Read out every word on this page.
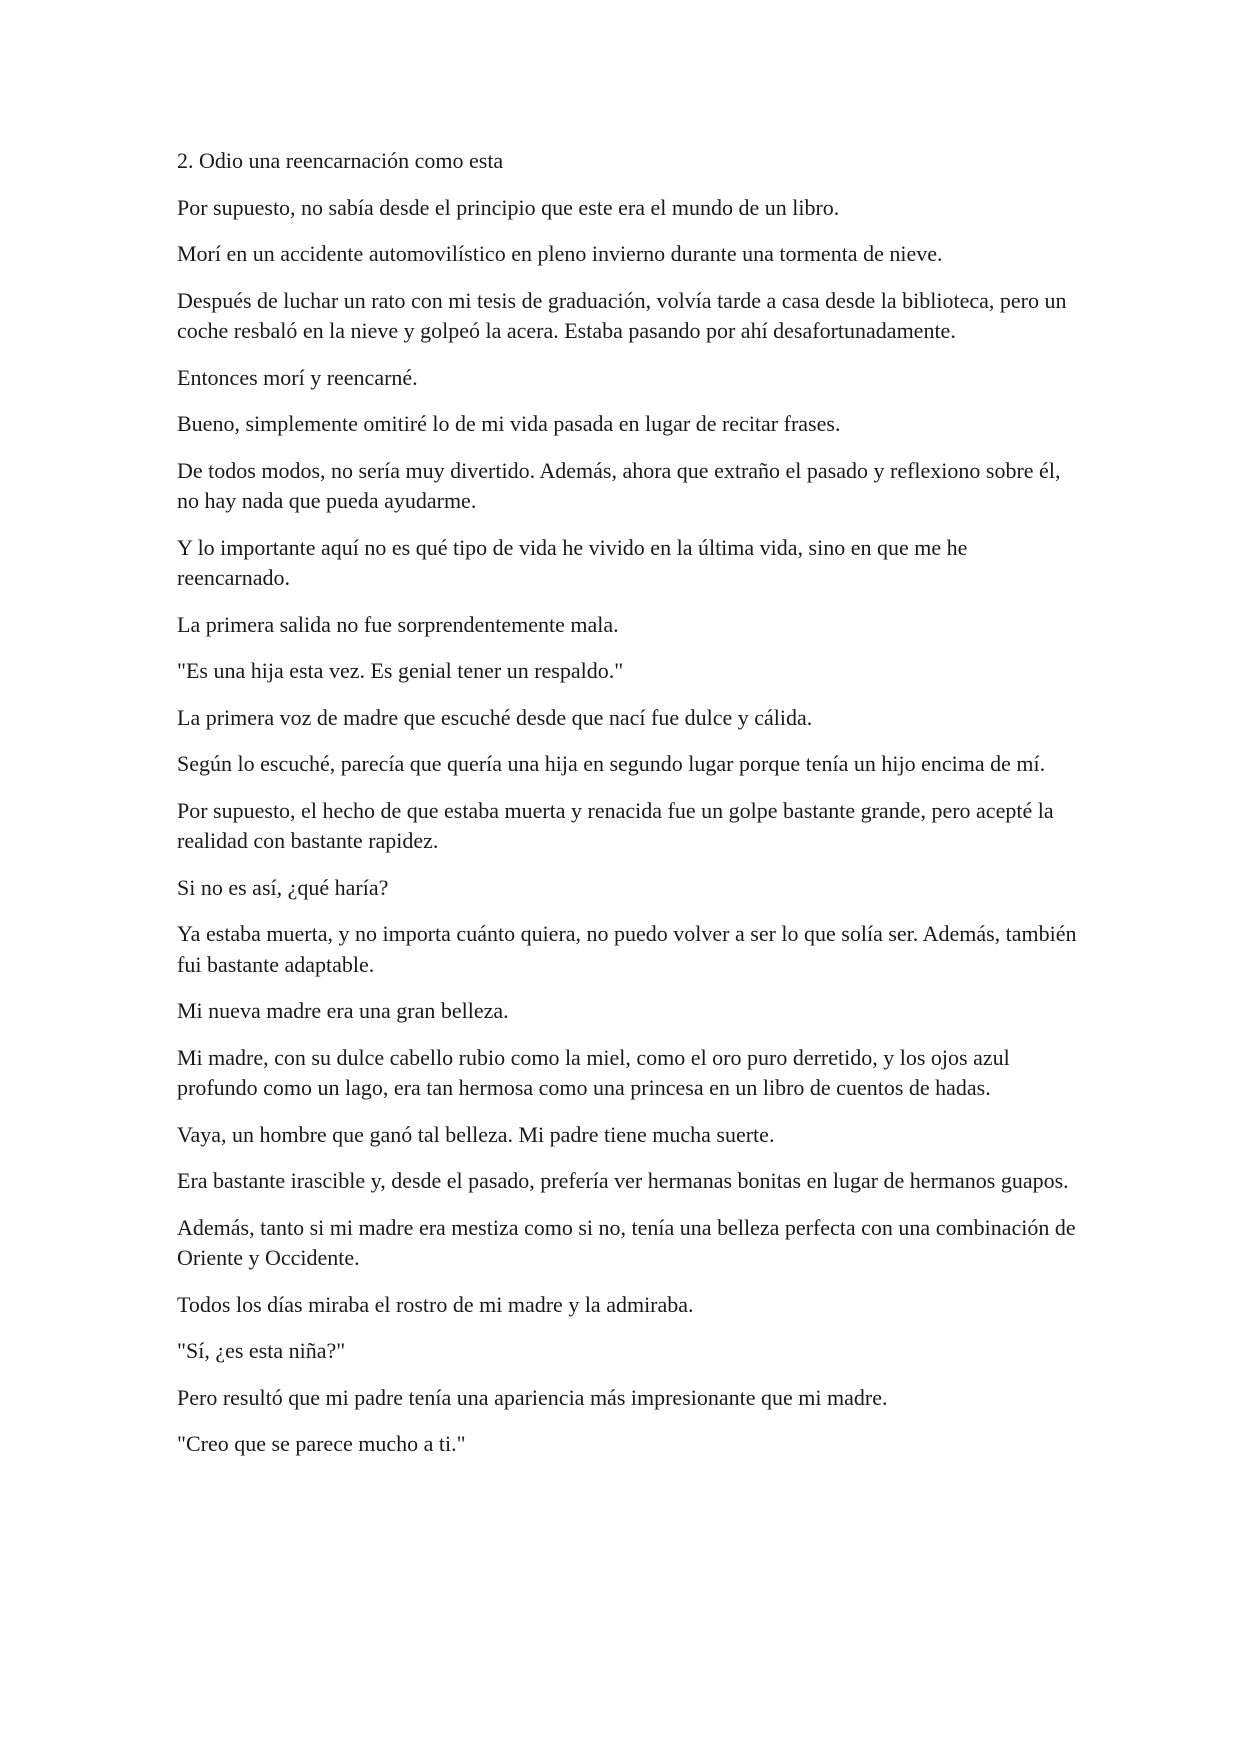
2. Odio una reencarnación como esta

Por supuesto, no sabía desde el principio que este era el mundo de un libro.

Morí en un accidente automovilístico en pleno invierno durante una tormenta de nieve.

Después de luchar un rato con mi tesis de graduación, volvía tarde a casa desde la biblioteca, pero un coche resbaló en la nieve y golpeó la acera. Estaba pasando por ahí desafortunadamente.

Entonces morí y reencarné.

Bueno, simplemente omitiré lo de mi vida pasada en lugar de recitar frases.

De todos modos, no sería muy divertido. Además, ahora que extraño el pasado y reflexiono sobre él, no hay nada que pueda ayudarme.

Y lo importante aquí no es qué tipo de vida he vivido en la última vida, sino en que me he reencarnado.

La primera salida no fue sorprendentemente mala.

"Es una hija esta vez. Es genial tener un respaldo."

La primera voz de madre que escuché desde que nací fue dulce y cálida.

Según lo escuché, parecía que quería una hija en segundo lugar porque tenía un hijo encima de mí.

Por supuesto, el hecho de que estaba muerta y renacida fue un golpe bastante grande, pero acepté la realidad con bastante rapidez.

Si no es así, ¿qué haría?

Ya estaba muerta, y no importa cuánto quiera, no puedo volver a ser lo que solía ser. Además, también fui bastante adaptable.

Mi nueva madre era una gran belleza.

Mi madre, con su dulce cabello rubio como la miel, como el oro puro derretido, y los ojos azul profundo como un lago, era tan hermosa como una princesa en un libro de cuentos de hadas.

Vaya, un hombre que ganó tal belleza. Mi padre tiene mucha suerte.

Era bastante irascible y, desde el pasado, prefería ver hermanas bonitas en lugar de hermanos guapos.

Además, tanto si mi madre era mestiza como si no, tenía una belleza perfecta con una combinación de Oriente y Occidente.

Todos los días miraba el rostro de mi madre y la admiraba.

"Sí, ¿es esta niña?"

Pero resultó que mi padre tenía una apariencia más impresionante que mi madre.

"Creo que se parece mucho a ti."
